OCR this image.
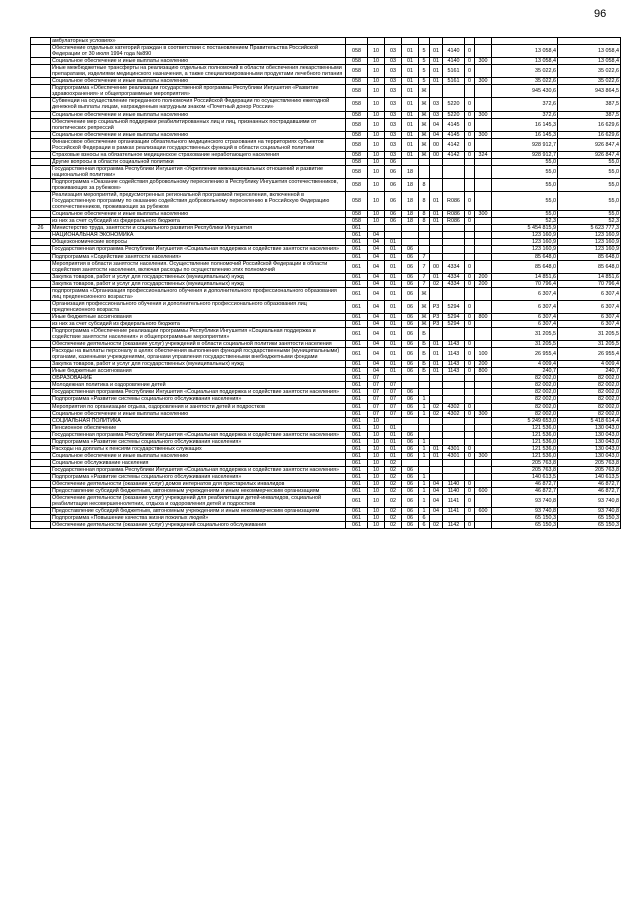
96
	амбулаторных условиях»											
	Обеспечение отдельных категорий граждан в соответствии с постановлением Правительства Российской Федерации от 30 июля 1994 года №890	058	10	03	01	5	01	4140	0		13 058,4	13 058,4
	Социальное обеспечение и иные выплаты населению	058	10	03	01	5	01	4140	0	300	13 058,4	13 058,4
	Иные межбюджетные трансферты на реализацию отдельных полномочий в области обеспечения лекарственными препаратами, изделиями медицинского назначения, а также специализированными продуктами лечебного питания	058	10	03	01	5	01	5161	0		35 022,6	35 022,6
	Социальное обеспечение и иные выплаты населению	058	10	03	01	5	01	5161	0	300	35 022,6	35 022,6
	Подпрограмма «Обеспечение реализации государственной программы Республики Ингушетия «Развитие здравоохранения» и общепрограммные мероприятия»	058	10	03	01	Ж					945 430,6	943 864,5
	Субвенции на осуществление переданного полномочия Российской Федерации по осуществлению ежегодной денежной выплаты лицам, награжденным нагрудным знаком «Почетный донор России»	058	10	03	01	Ж	03	5220	0		372,6	387,5
	Социальное обеспечение и иные выплаты населению	058	10	03	01	Ж	03	5220	0	300	372,6	387,5
	Обеспечение мер социальной поддержки реабилитированных лиц и лиц, признанных пострадавшими от политических репрессий	058	10	03	01	Ж	04	4145	0		16 145,3	16 629,6
	Социальное обеспечение и иные выплаты населению	058	10	03	01	Ж	04	4145	0	300	16 145,3	16 629,6
	Финансовое обеспечение организации обязательного медицинского страхования на территориях субъектов Российской Федерации в рамках реализации государственных функций в области социальной политики	058	10	03	01	Ж	00	4142	0		928 912,7	926 847,4
	Страховые взносы на обязательное медицинское страхование неработающего населения	058	10	03	01	Ж	00	4142	0	324	928 912,7	926 847,4
	Другие вопросы в области социальной политики	058	10	06							55,0	55,0
	Государственная программа Республики Ингушетия «Укрепление межнациональных отношений и развитие национальной политики»	058	10	06	18						55,0	55,0
	Подпрограмма «Оказание содействия добровольному переселению в Республику Ингушетия соотечественников, проживающих за рубежом»	058	10	06	18	8					55,0	55,0
	Реализация мероприятий, предусмотренных региональной программой переселения, включенной в Государственную программу по оказанию содействия добровольному переселению в Российскую Федерацию соотечественников, проживающих за рубежом	058	10	06	18	8	01	R086	0		55,0	55,0
	Социальное обеспечение и иные выплаты населению	058	10	06	18	8	01	R086	0	300	55,0	55,0
	из них за счет субсидий из федерального бюджета	058	10	06	18	8	01	R086	0		52,3	52,3
26	Министерство труда, занятости и социального развития Республики Ингушетия	061									5 454 815,9	5 623 777,3
	НАЦИОНАЛЬНАЯ ЭКОНОМИКА	061	04								123 160,9	123 160,9
	Общеэкономические вопросы	061	04	01							123 160,9	123 160,9
	Государственная программа Республики Ингушетия «Социальная поддержка и содействие занятости населения»	061	04	01	06						123 160,9	123 160,9
	Подпрограмма «Содействие занятости населения»	061	04	01	06	7					85 648,0	85 648,0
	Мероприятия в области занятости населения. Осуществление полномочий Российской Федерации в области содействия занятости населения, включая расходы по осуществлению этих полномочий	061	04	01	06	7	00	4334	0		85 648,0	85 648,0
	Закупка товаров, работ и услуг для государственных (муниципальных) нужд	061	04	01	06	7	01	4334	0	200	14 851,6	14 851,6
	Закупка товаров, работ и услуг для государственных (муниципальных) нужд	061	04	01	06	7	02	4334	0	200	70 796,4	70 796,4
	подпрограмма «Организация профессионального обучения и дополнительного профессионального образования лиц предпенсионного возраста»	061	04	01	06	Ж					6 307,4	6 307,4
	Организация профессионального обучения и дополнительного профессионального образования лиц предпенсионного возраста	061	04	01	06	Ж	P3	5294	0		6 307,4	6 307,4
	Иные бюджетные ассигнования	061	04	01	06	Ж	P3	5294	0	800	6 307,4	6 307,4
	из них за счет субсидий из федерального бюджета	061	04	01	06	Ж	P3	5294	0		6 307,4	6 307,4
	Подпрограмма «Обеспечение реализации программы Республики Ингушетия «Социальная поддержка и содействие занятости населения» и общепрограммные мероприятия»	061	04	01	06	Б					31 205,5	31 205,5
	Обеспечение деятельности (оказание услуг) учреждений в области социальной политики занятости населения	061	04	01	06	Б	01	1143	0		31 205,5	31 205,5
	Расходы на выплаты персоналу в целях обеспечения выполнения функций государственными (муниципальными) органами, казенными учреждениями, органами управления государственными внебюджетными фондами	061	04	01	06	Б	01	1143	0	100	26 955,4	26 955,4
	Закупка товаров, работ и услуг для государственных (муниципальных) нужд	061	04	01	06	Б	01	1143	0	200	4 009,4	4 009,4
	Иные бюджетные ассигнования	061	04	01	06	Б	01	1143	0	800	240,7	240,7
	ОБРАЗОВАНИЕ	061	07								82 002,0	82 002,0
	Молодежная политика и оздоровление детей	061	07	07							82 002,0	82 002,0
	Государственная программа Республики Ингушетия «Социальная поддержка и содействие занятости населения»	061	07	07	06						82 002,0	82 002,0
	Подпрограмма «Развитие системы социального обслуживания населения»	061	07	07	06	1					82 002,0	82 002,0
	Мероприятия по организации отдыха, оздоровления и занятости детей и подростков	061	07	07	06	1	02	4302	0		82 002,0	82 002,0
	Социальное обеспечение и иные выплаты населению	061	07	07	06	1	02	4302	0	300	82 002,0	82 002,0
	СОЦИАЛЬНАЯ ПОЛИТИКА	061	10								5 249 653,0	5 418 614,4
	Пенсионное обеспечение	061	10	01							121 536,0	130 043,0
	Государственная программа Республики Ингушетия «Социальная поддержка и содействие занятости населения»	061	10	01	06						121 536,0	130 043,0
	Подпрограмма «Развитие системы социального обслуживания населения»	061	10	01	06	1					121 536,0	130 043,0
	Расходы на доплаты к пенсиям государственных служащих	061	10	01	06	1	01	4301	0		121 536,0	130 043,0
	Социальное обеспечение и иные выплаты населению	061	10	01	06	1	01	4301	0	300	121 536,0	130 043,0
	Социальное обслуживание населения	061	10	02							205 763,8	205 763,8
	Государственная программа Республики Ингушетия «Социальная поддержка и содействие занятости населения»	061	10	02	06						205 763,8	205 763,8
	Подпрограмма «Развитие системы социального обслуживания населения»	061	10	02	06	1					140 613,5	140 613,5
	Обеспечение деятельности (оказание услуг) домов интернатов для престарелых инвалидов	061	10	02	06	1	04	1140	0		46 872,7	46 872,7
	Предоставление субсидий бюджетным, автономным учреждениям и иным некоммерческим организациям	061	10	02	06	1	04	1140	0	600	46 872,7	46 872,7
	Обеспечение деятельности (оказание услуг) учреждений для реабилитации детей-инвалидов, социальной реабилитации несовершеннолетних, отдыха и оздоровления детей и подростков	061	10	02	06	1	04	1141	0		93 740,8	93 740,8
	Предоставление субсидий бюджетным, автономным учреждениям и иным некоммерческим организациям	061	10	02	06	1	04	1141	0	600	93 740,8	93 740,8
	Подпрограмма «Повышение качества жизни пожилых людей»	061	10	02	06	6					65 150,3	65 150,3
	Обеспечение деятельности (оказание услуг) учреждений социального обслуживания	061	10	02	06	6	02	1142	0		65 150,3	65 150,3
